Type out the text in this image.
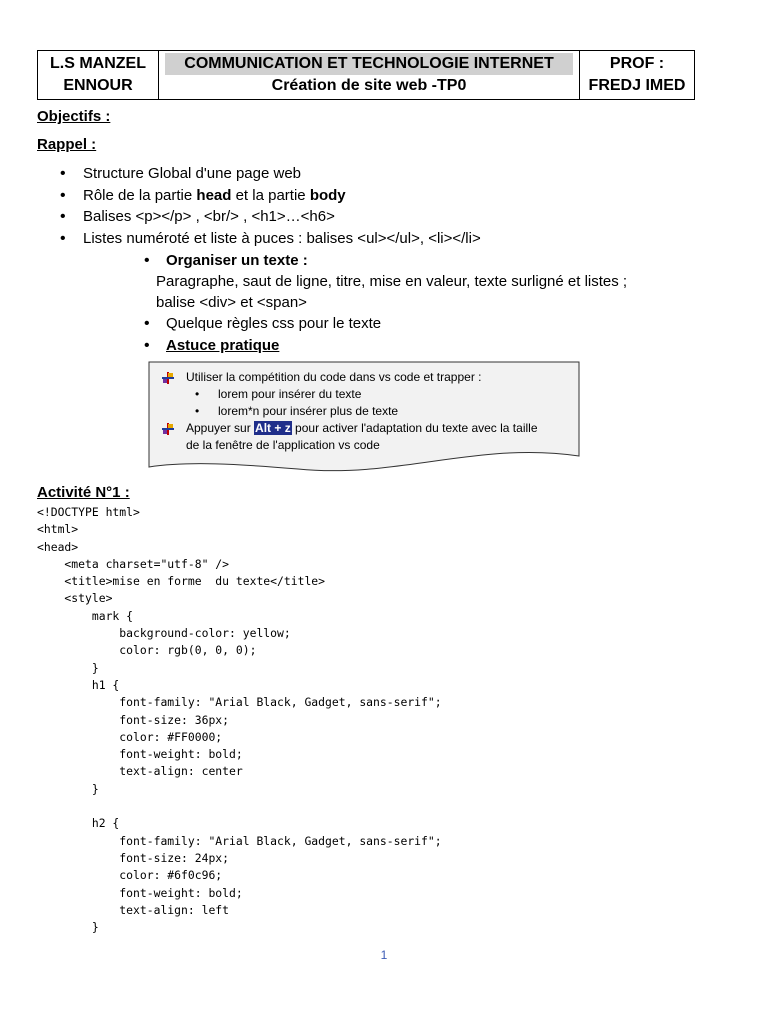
L.S MANZEL
ENNOUR
COMMUNICATION ET TECHNOLOGIE INTERNET
Création de site web -TP0
PROF :
FREDJ IMED
Objectifs :
Rappel :
• Structure Global d'une page web
• Rôle de la partie head et la partie body
• Balises <p></p> , <br/> , <h1>…<h6>
• Listes numéroté et liste à puces : balises <ul></ul>, <li></li>
• Organiser un texte :
Paragraphe, saut de ligne, titre, mise en valeur, texte surligné et listes ;
balise <div> et <span>
• Quelque règles css pour le texte
• Astuce pratique
Utiliser la compétition du code dans vs code et trapper :
• lorem pour insérer du texte
• lorem*n pour insérer plus de texte
Appuyer sur Alt + z pour activer l'adaptation du texte avec la taille
de la fenêtre de l'application vs code
Activité N°1 :
<!DOCTYPE html>
<html>
<head>
<meta charset="utf-8" />
<title>mise en forme  du texte</title>
<style>
mark {
background-color: yellow;
color: rgb(0, 0, 0);
}
h1 {
font-family: "Arial Black, Gadget, sans-serif";
font-size: 36px;
color: #FF0000;
font-weight: bold;
text-align: center
}

h2 {
font-family: "Arial Black, Gadget, sans-serif";
font-size: 24px;
color: #6f0c96;
font-weight: bold;
text-align: left
}
1
